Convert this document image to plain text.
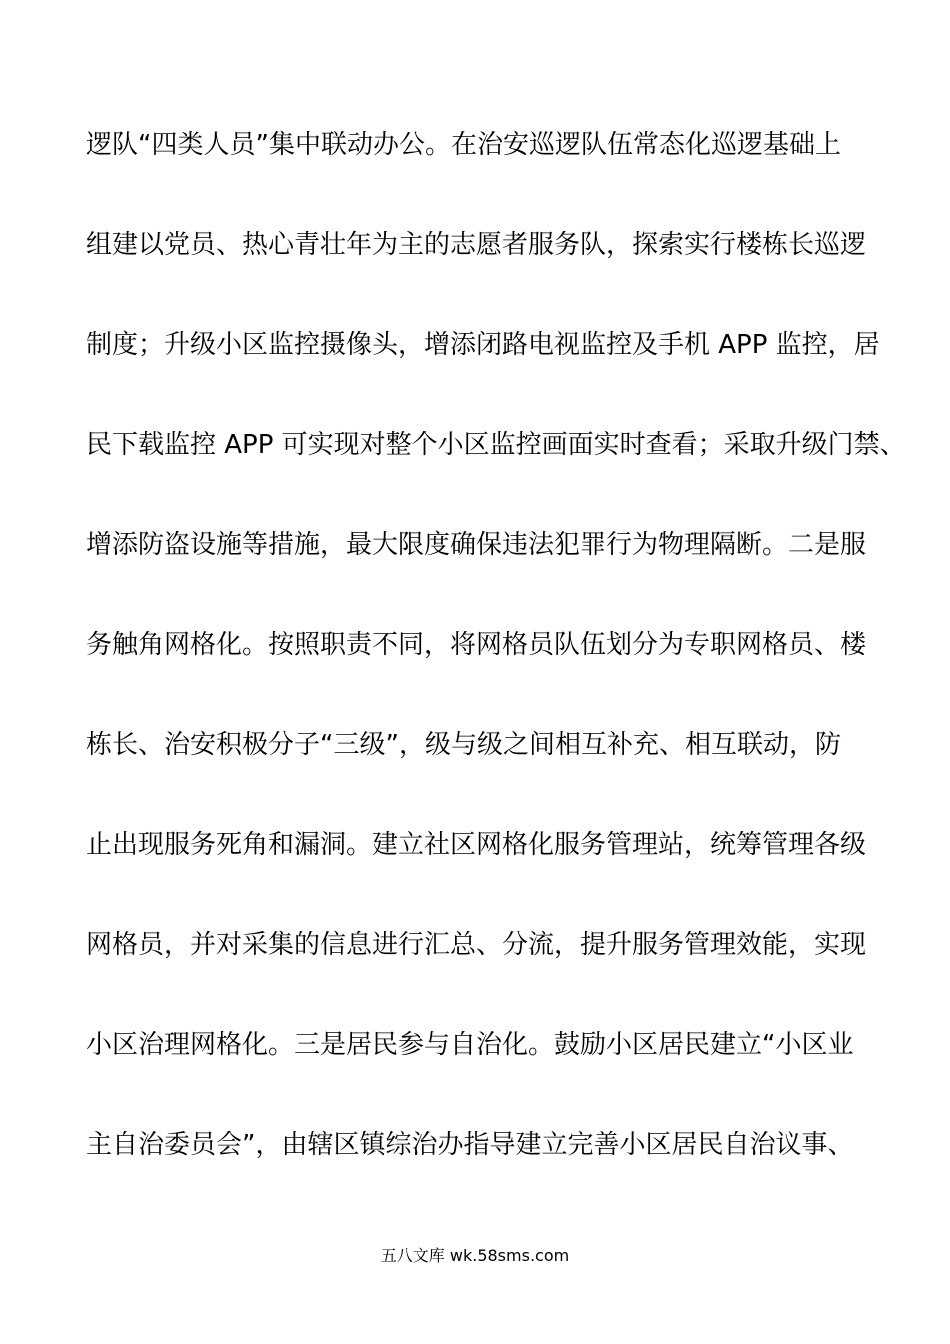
逻队“四类人员”集中联动办公。在治安巡逻队伍常态化巡逻基础上
组建以党员、热心青壮年为主的志愿者服务队，探索实行楼栋长巡逻
制度；升级小区监控摄像头，增添闭路电视监控及手机 APP 监控，居
民下载监控 APP 可实现对整个小区监控画面实时查看；采取升级门禁、
增添防盗设施等措施，最大限度确保违法犯罪行为物理隔断。二是服
务触角网格化。按照职责不同，将网格员队伍划分为专职网格员、楼
栋长、治安积极分子“三级”，级与级之间相互补充、相互联动，防
止出现服务死角和漏洞。建立社区网格化服务管理站，统筹管理各级
网格员，并对采集的信息进行汇总、分流，提升服务管理效能，实现
小区治理网格化。三是居民参与自治化。鼓励小区居民建立“小区业
主自治委员会”，由辖区镇综治办指导建立完善小区居民自治议事、
五八文库 wk.58sms.com
